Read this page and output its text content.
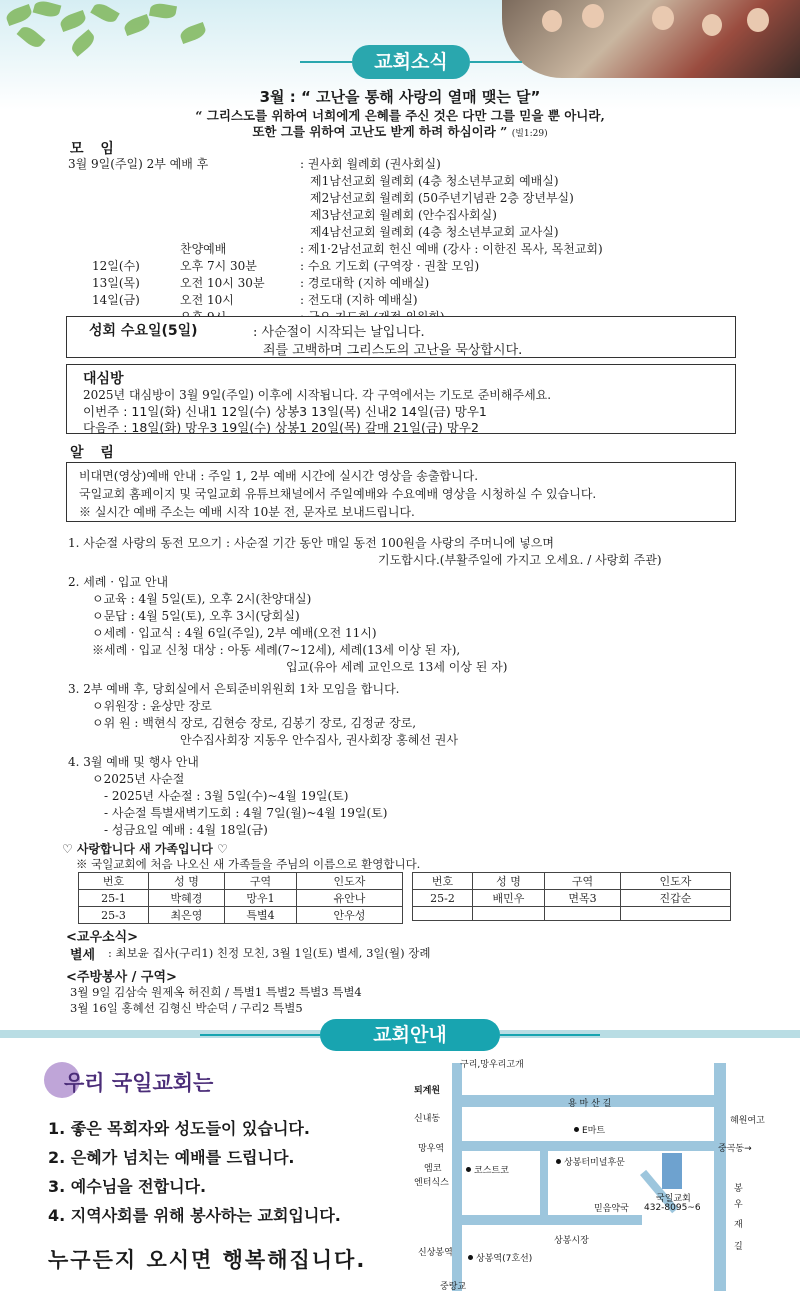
교회소식
3월 : “ 고난을 통해 사랑의 열매 맺는 달”
“ 그리스도를 위하여 너희에게 은혜를 주신 것은 다만 그를 믿을 뿐 아니라,
또한 그를 위하여 고난도 받게 하려 하심이라 ” (빌1:29)
모 임
3월 9일(주일) 2부 예배 후	: 권사회 월례회 (권사회실)
제1남선교회 월례회 (4층 청소년부교회 예배실)
제2남선교회 월례회 (50주년기념관 2층 장년부실)
제3남선교회 월례회 (안수집사회실)
제4남선교회 월례회 (4층 청소년부교회 교사실)
찬양예배	: 제1·2남선교회 헌신 예배 (강사 : 이한진 목사, 목천교회)
12일(수)	오후 7시 30분	: 수요 기도회 (구역장 · 권찰 모임)
13일(목)	오전 10시 30분	: 경로대학 (지하 예배실)
14일(금)	오전 10시	: 전도대 (지하 예배실)
성회 수요일(5일)	: 사순절이 시작되는 날입니다.
죄를 고백하며 그리스도의 고난을 묵상합시다.
대심방
2025년 대심방이 3월 9일(주일) 이후에 시작됩니다. 각 구역에서는 기도로 준비해주세요.
이번주 : 11일(화) 신내1 12일(수) 상봉3 13일(목) 신내2 14일(금) 망우1
다음주 : 18일(화) 망우3 19일(수) 상봉1 20일(목) 갈매 21일(금) 망우2
알 림
비대면(영상)예배 안내 : 주일 1, 2부 예배 시간에 실시간 영상을 송출합니다.
국일교회 홈페이지 및 국일교회 유튜브채널에서 주일예배와 수요예배 영상을 시청하실 수 있습니다.
※ 실시간 예배 주소는 예배 시작 10분 전, 문자로 보내드립니다.
1. 사순절 사랑의 동전 모으기 : 사순절 기간 동안 매일 동전 100원을 사랑의 주머니에 넣으며
기도합시다.(부활주일에 가지고 오세요. / 사랑회 주관)
2. 세례 · 입교 안내
ㅇ교육 : 4월 5일(토), 오후 2시(찬양대실)
ㅇ문답 : 4월 5일(토), 오후 3시(당회실)
ㅇ세례 · 입교식 : 4월 6일(주일), 2부 예배(오전 11시)
※세례 · 입교 신청 대상 : 아동 세례(7~12세), 세례(13세 이상 된 자),
입교(유아 세례 교인으로 13세 이상 된 자)
3. 2부 예배 후, 당회실에서 은퇴준비위원회 1차 모임을 합니다.
ㅇ위원장 : 윤상만 장로
ㅇ위 원 : 백현식 장로, 김현승 장로, 김봉기 장로, 김정균 장로,
안수집사회장 지동우 안수집사, 권사회장 홍혜선 권사
4. 3월 예배 및 행사 안내
ㅇ2025년 사순절
- 2025년 사순절 : 3월 5일(수)~4월 19일(토)
- 사순절 특별새벽기도회 : 4월 7일(월)~4월 19일(토)
- 성금요일 예배 : 4월 18일(금)
♡ 사랑합니다 새 가족입니다 ♡
※ 국일교회에 처음 나오신 새 가족들을 주님의 이름으로 환영합니다.
번호	성 명	구역	인도자
25-1	박혜경	망우1	유안나
25-3	최은영	특별4	안우성
번호	성 명	구역	인도자
25-2	배민우	면목3	진갑순

<교우소식>
별세 : 최보윤 집사(구리1) 친정 모친, 3월 1일(토) 별세, 3일(월) 장례
<주방봉사 / 구역>
3월 9일 김삼숙 원제옥 허진희 / 특별1 특별2 특별3 특별4
3월 16일 홍혜선 김형신 박순덕 / 구리2 특별5
교회안내
우리 국일교회는
1. 좋은 목회자와 성도들이 있습니다.
2. 은혜가 넘치는 예배를 드립니다.
3. 예수님을 전합니다.
4. 지역사회를 위해 봉사하는 교회입니다.
누구든지 오시면 행복해집니다.
구리,망우리고개
퇴계원
용 마 산 길
신내동
E마트
혜원여고
망우역	중곡동→
엠코
엔터식스
코스트코
상봉터미널후문
믿음약국
국일교회
432-8095~6
봉
우
재
길
신상봉역
상봉시장
상봉역(7호선)
중랑교
